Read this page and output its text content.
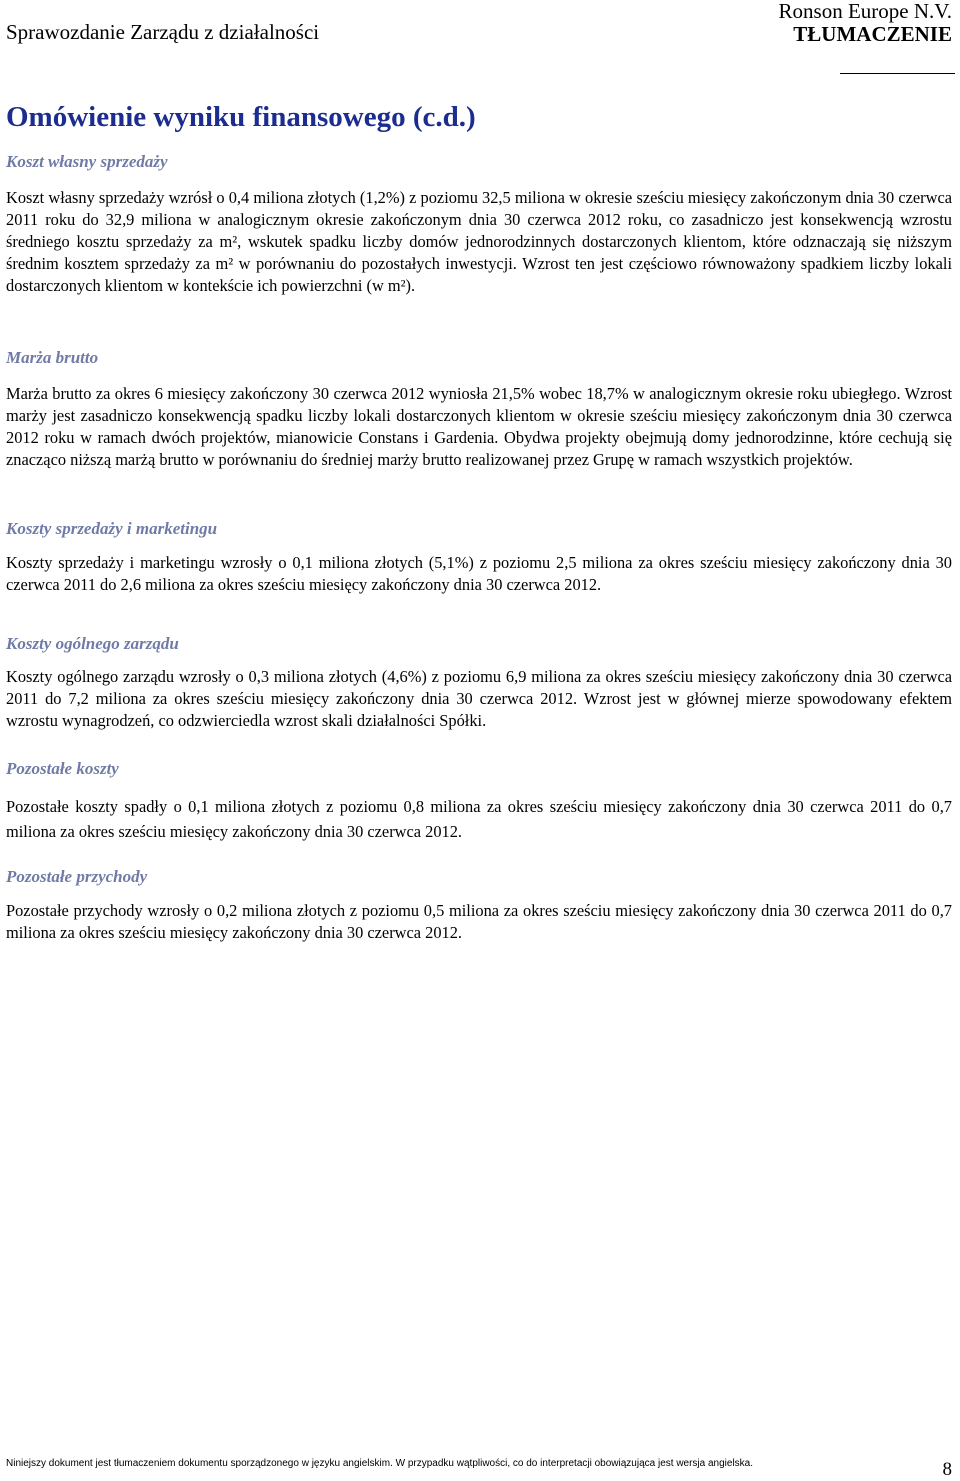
Sprawozdanie Zarządu z działalności
Ronson Europe N.V.
TŁUMACZENIE
Omówienie wyniku finansowego (c.d.)
Koszt własny sprzedaży

Koszt własny sprzedaży wzrósł o 0,4 miliona złotych (1,2%) z poziomu 32,5 miliona w okresie sześciu miesięcy zakończonym dnia 30 czerwca 2011 roku do 32,9 miliona w analogicznym okresie zakończonym dnia 30 czerwca 2012 roku, co zasadniczo jest konsekwencją wzrostu średniego kosztu sprzedaży za m², wskutek spadku liczby domów jednorodzinnych dostarczonych klientom, które odznaczają się niższym średnim kosztem sprzedaży za m² w porównaniu do pozostałych inwestycji. Wzrost ten jest częściowo równoważony spadkiem liczby lokali dostarczonych klientom w kontekście ich powierzchni (w m²).

Marża brutto

Marża brutto za okres 6 miesięcy zakończony 30 czerwca 2012 wyniosła 21,5% wobec 18,7% w analogicznym okresie roku ubiegłego. Wzrost marży jest zasadniczo konsekwencją spadku liczby lokali dostarczonych klientom w okresie sześciu miesięcy zakończonym dnia 30 czerwca 2012 roku w ramach dwóch projektów, mianowicie Constans i Gardenia. Obydwa projekty obejmują domy jednorodzinne, które cechują się znacząco niższą marżą brutto w porównaniu do średniej marży brutto realizowanej przez Grupę w ramach wszystkich projektów.

Koszty sprzedaży i marketingu

Koszty sprzedaży i marketingu wzrosły o 0,1 miliona złotych (5,1%) z poziomu 2,5 miliona za okres sześciu miesięcy zakończony dnia 30 czerwca 2011 do 2,6 miliona za okres sześciu miesięcy zakończony dnia 30 czerwca 2012.

Koszty ogólnego zarządu

Koszty ogólnego zarządu wzrosły o 0,3 miliona złotych (4,6%) z poziomu 6,9 miliona za okres sześciu miesięcy zakończony dnia 30 czerwca 2011 do 7,2 miliona za okres sześciu miesięcy zakończony dnia 30 czerwca 2012. Wzrost jest w głównej mierze spowodowany efektem wzrostu wynagrodzeń, co odzwierciedla wzrost skali działalności Spółki.

Pozostałe koszty

Pozostałe koszty spadły o 0,1 miliona złotych z poziomu 0,8 miliona za okres sześciu miesięcy zakończony dnia 30 czerwca 2011 do 0,7 miliona za okres sześciu miesięcy zakończony dnia 30 czerwca 2012.

Pozostałe przychody

Pozostałe przychody wzrosły o 0,2 miliona złotych z poziomu 0,5 miliona za okres sześciu miesięcy zakończony dnia 30 czerwca 2011 do 0,7 miliona za okres sześciu miesięcy zakończony dnia 30 czerwca 2012.

Niniejszy dokument jest tłumaczeniem dokumentu sporządzonego w języku angielskim. W przypadku wątpliwości, co do interpretacji obowiązująca jest wersja angielska.	8
